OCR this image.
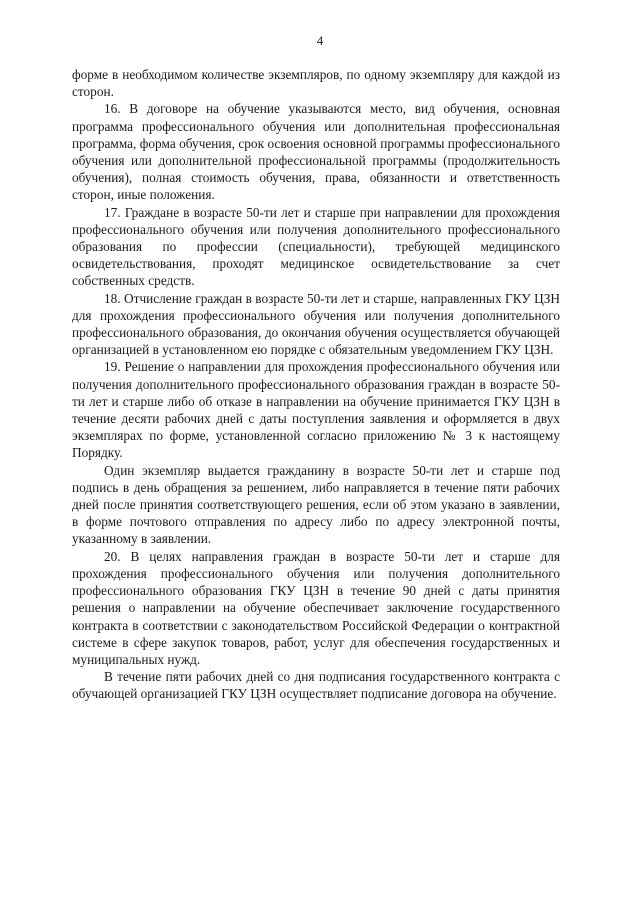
4

форме в необходимом количестве экземпляров, по одному экземпляру для каждой из сторон.

16. В договоре на обучение указываются место, вид обучения, основная программа профессионального обучения или дополнительная профессиональная программа, форма обучения, срок освоения основной программы профессионального обучения или дополнительной профессиональной программы (продолжительность обучения), полная стоимость обучения, права, обязанности и ответственность сторон, иные положения.

17. Граждане в возрасте 50-ти лет и старше при направлении для прохождения профессионального обучения или получения дополнительного профессионального образования по профессии (специальности), требующей медицинского освидетельствования, проходят медицинское освидетельствование за счет собственных средств.

18. Отчисление граждан в возрасте 50-ти лет и старше, направленных ГКУ ЦЗН для прохождения профессионального обучения или получения дополнительного профессионального образования, до окончания обучения осуществляется обучающей организацией в установленном ею порядке с обязательным уведомлением ГКУ ЦЗН.

19. Решение о направлении для прохождения профессионального обучения или получения дополнительного профессионального образования граждан в возрасте 50-ти лет и старше либо об отказе в направлении на обучение принимается ГКУ ЦЗН в течение десяти рабочих дней с даты поступления заявления и оформляется в двух экземплярах по форме, установленной согласно приложению № 3 к настоящему Порядку.

Один экземпляр выдается гражданину в возрасте 50-ти лет и старше под подпись в день обращения за решением, либо направляется в течение пяти рабочих дней после принятия соответствующего решения, если об этом указано в заявлении, в форме почтового отправления по адресу либо по адресу электронной почты, указанному в заявлении.

20. В целях направления граждан в возрасте 50-ти лет и старше для прохождения профессионального обучения или получения дополнительного профессионального образования ГКУ ЦЗН в течение 90 дней с даты принятия решения о направлении на обучение обеспечивает заключение государственного контракта в соответствии с законодательством Российской Федерации о контрактной системе в сфере закупок товаров, работ, услуг для обеспечения государственных и муниципальных нужд.

В течение пяти рабочих дней со дня подписания государственного контракта с обучающей организацией ГКУ ЦЗН осуществляет подписание договора на обучение.
